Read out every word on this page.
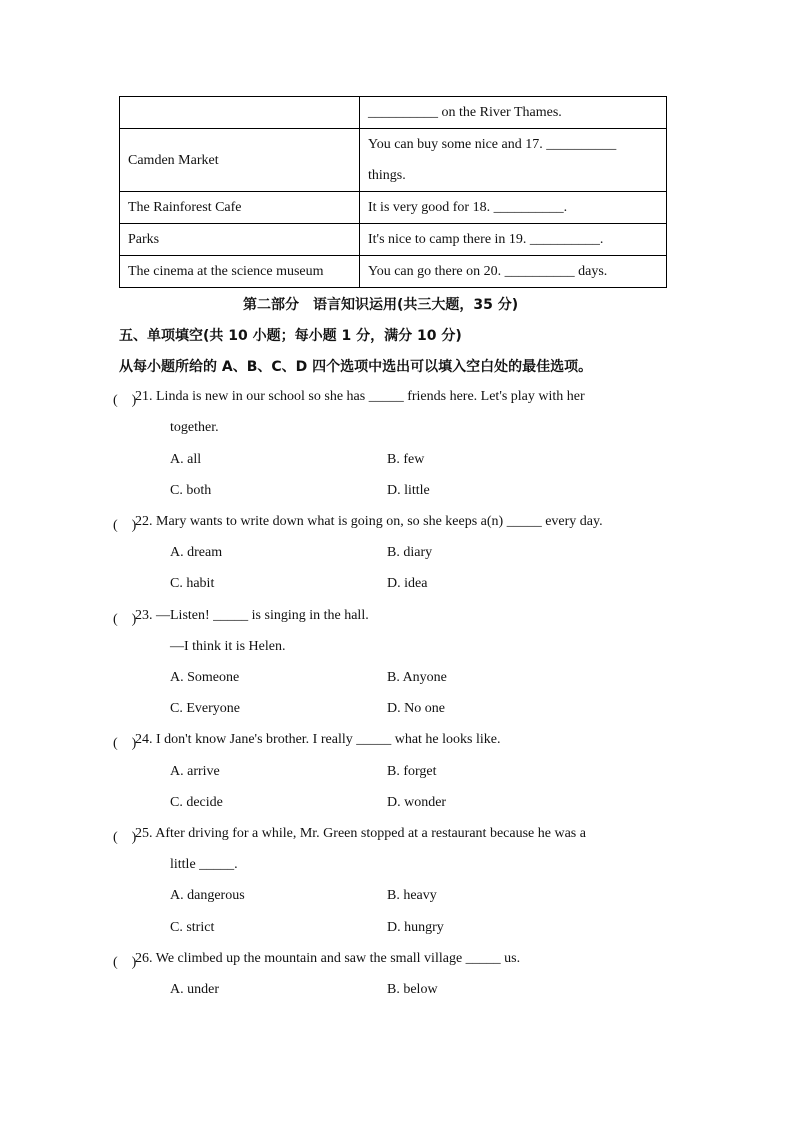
	__________ on the River Thames.
Camden Market	You can buy some nice and 17. __________
things.

The Rainforest Cafe	It is very good for 18. __________.
Parks	It's nice to camp there in 19. __________.
The cinema at the science museum	You can go there on 20. __________ days.
第二部分　语言知识运用(共三大题，35 分)
五、单项填空(共 10 小题；每小题 1 分，满分 10 分)
从每小题所给的 A、B、C、D 四个选项中选出可以填入空白处的最佳选项。
(　)
21. Linda is new in our school so she has _____ friends here. Let's play with her
together.
A. all	B. few
C. both	D. little
(　)
22. Mary wants to write down what is going on, so she keeps a(n) _____ every day.
A. dream	B. diary
C. habit	D. idea
(　)
23. —Listen! _____ is singing in the hall.
—I think it is Helen.
A. Someone	B. Anyone
C. Everyone	D. No one
(　)
24. I don't know Jane's brother. I really _____ what he looks like.
A. arrive	B. forget
C. decide	D. wonder
(　)
25. After driving for a while, Mr. Green stopped at a restaurant because he was a
little _____.
A. dangerous	B. heavy
C. strict	D. hungry
(　)
26. We climbed up the mountain and saw the small village _____ us.
A. under	B. below
